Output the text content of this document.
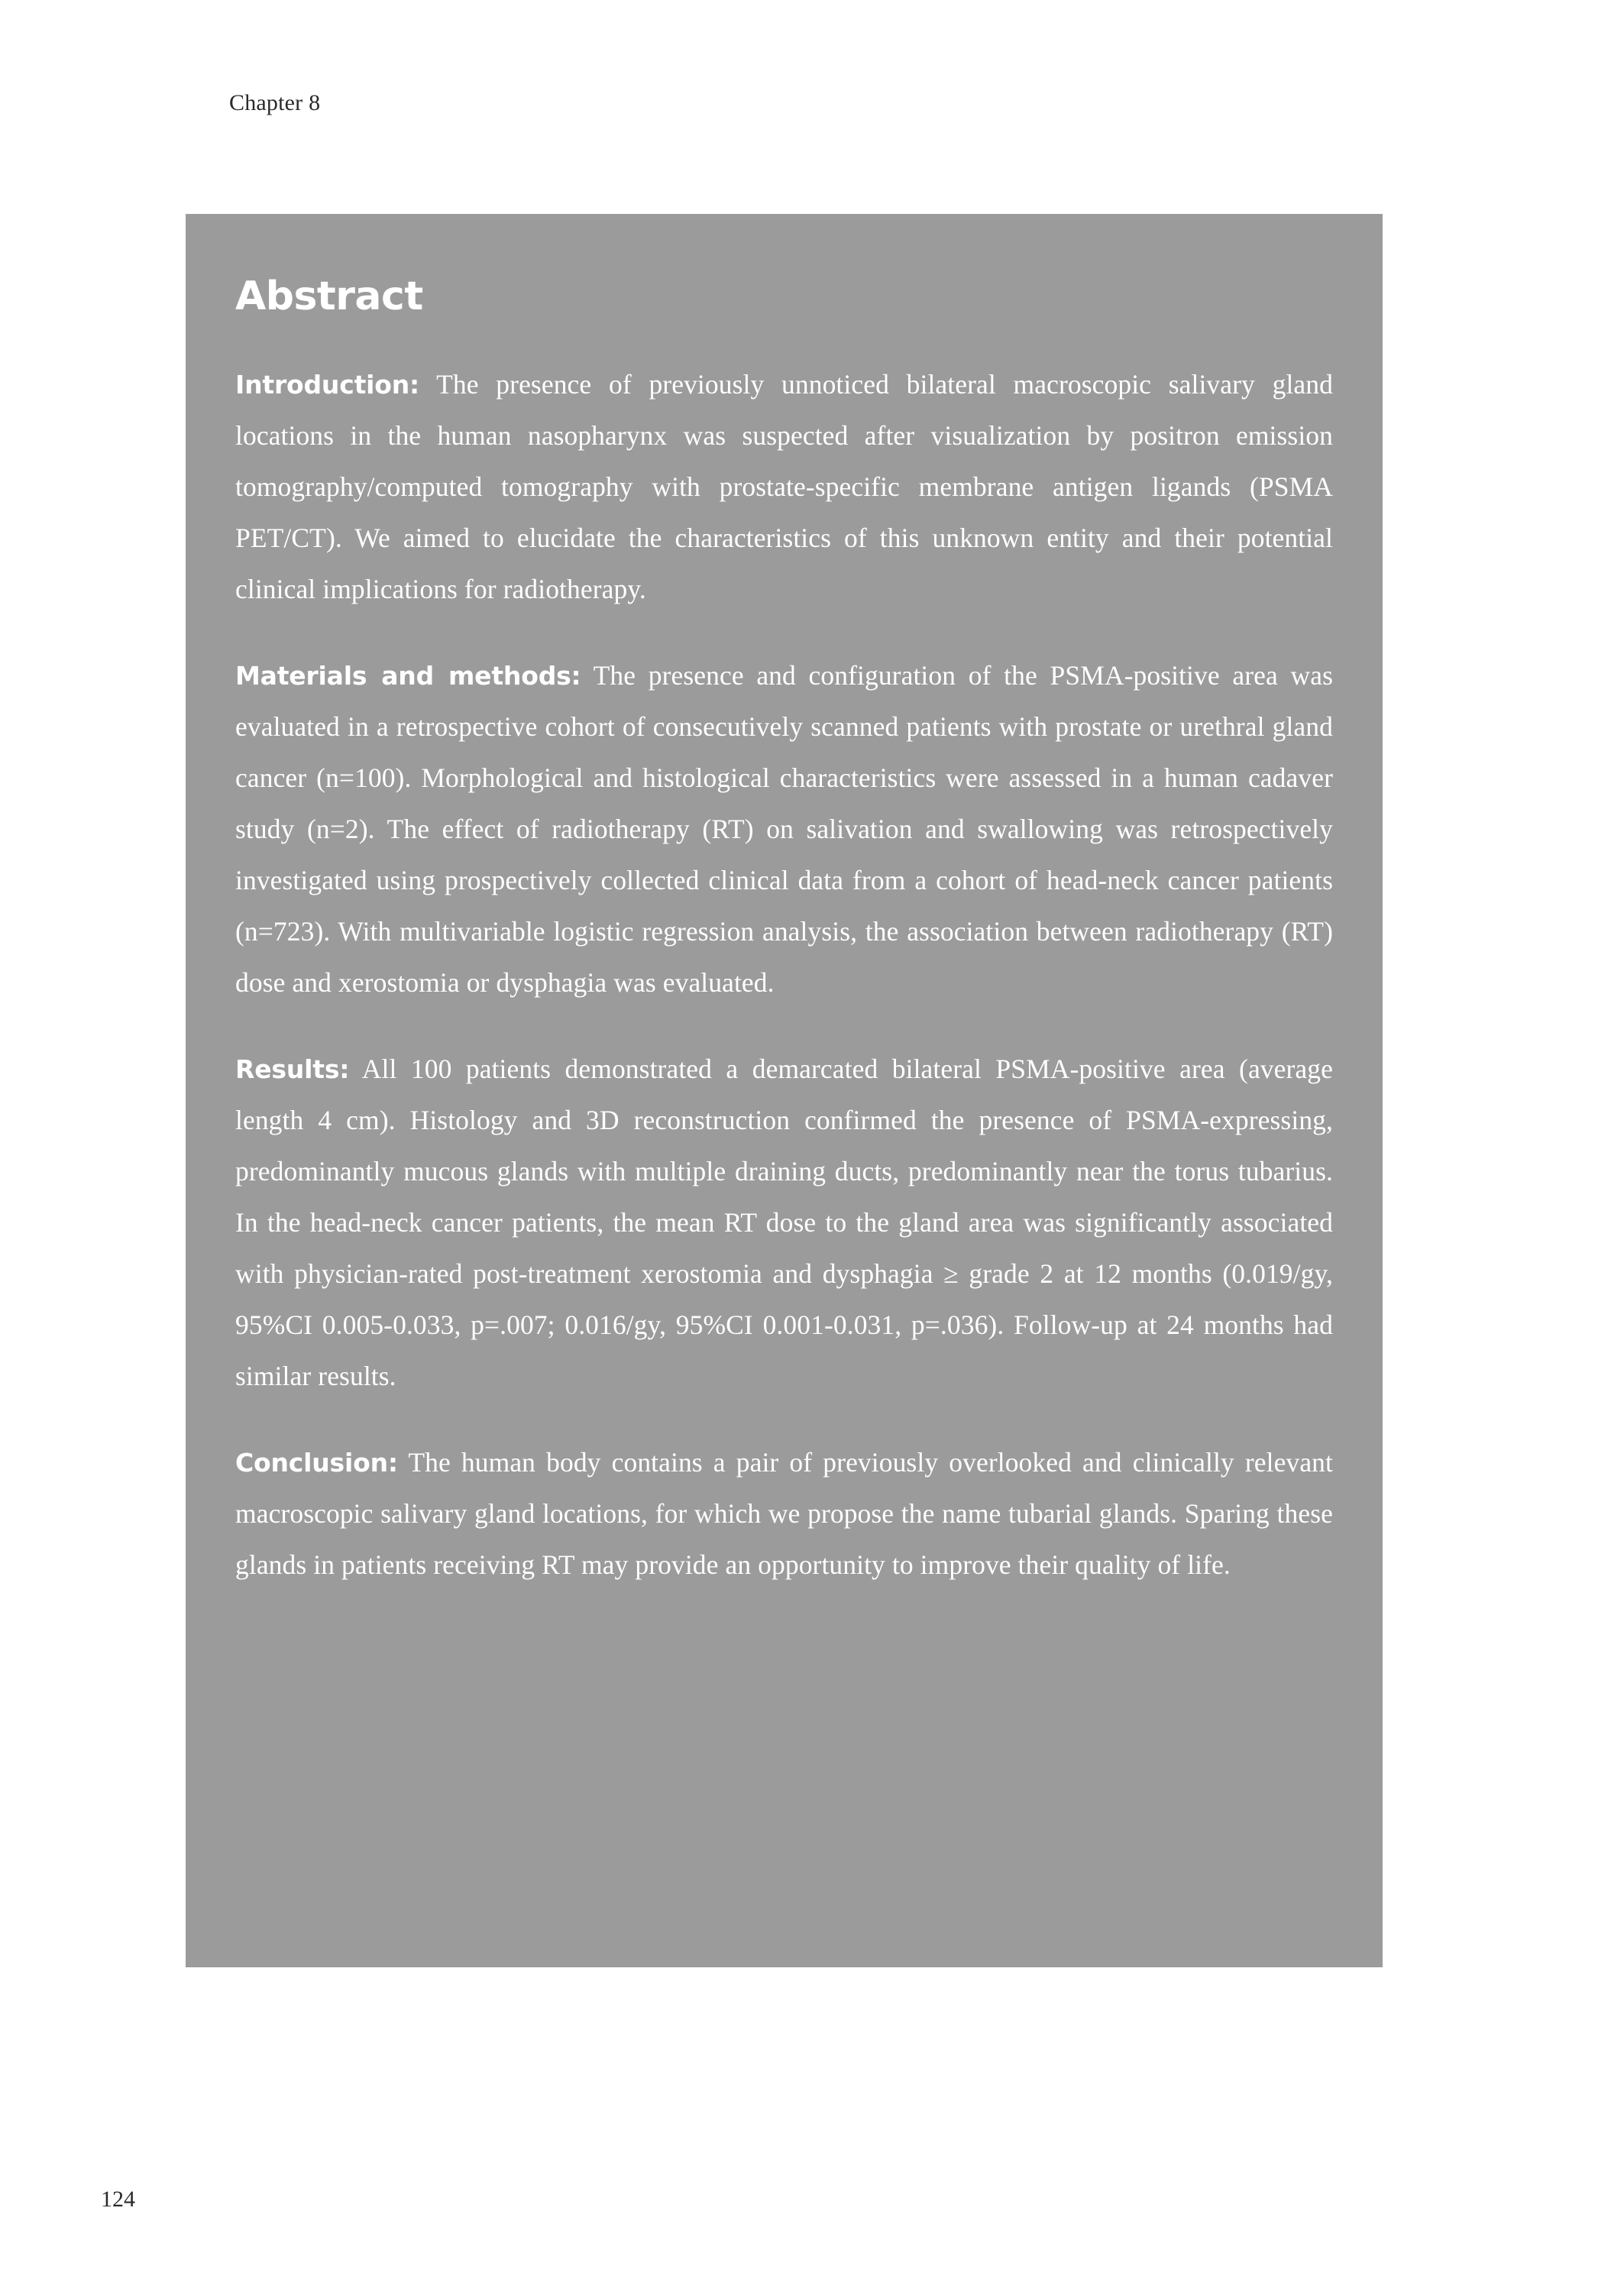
Chapter 8
Abstract

Introduction: The presence of previously unnoticed bilateral macroscopic salivary gland locations in the human nasopharynx was suspected after visualization by positron emission tomography/computed tomography with prostate-specific membrane antigen ligands (PSMA PET/CT). We aimed to elucidate the characteristics of this unknown entity and their potential clinical implications for radiotherapy.

Materials and methods: The presence and configuration of the PSMA-positive area was evaluated in a retrospective cohort of consecutively scanned patients with prostate or urethral gland cancer (n=100). Morphological and histological characteristics were assessed in a human cadaver study (n=2). The effect of radiotherapy (RT) on salivation and swallowing was retrospectively investigated using prospectively collected clinical data from a cohort of head-neck cancer patients (n=723). With multivariable logistic regression analysis, the association between radiotherapy (RT) dose and xerostomia or dysphagia was evaluated.

Results: All 100 patients demonstrated a demarcated bilateral PSMA-positive area (average length 4 cm). Histology and 3D reconstruction confirmed the presence of PSMA-expressing, predominantly mucous glands with multiple draining ducts, predominantly near the torus tubarius. In the head-neck cancer patients, the mean RT dose to the gland area was significantly associated with physician-rated post-treatment xerostomia and dysphagia ≥ grade 2 at 12 months (0.019/gy, 95%CI 0.005-0.033, p=.007; 0.016/gy, 95%CI 0.001-0.031, p=.036). Follow-up at 24 months had similar results.

Conclusion: The human body contains a pair of previously overlooked and clinically relevant macroscopic salivary gland locations, for which we propose the name tubarial glands. Sparing these glands in patients receiving RT may provide an opportunity to improve their quality of life.

124
